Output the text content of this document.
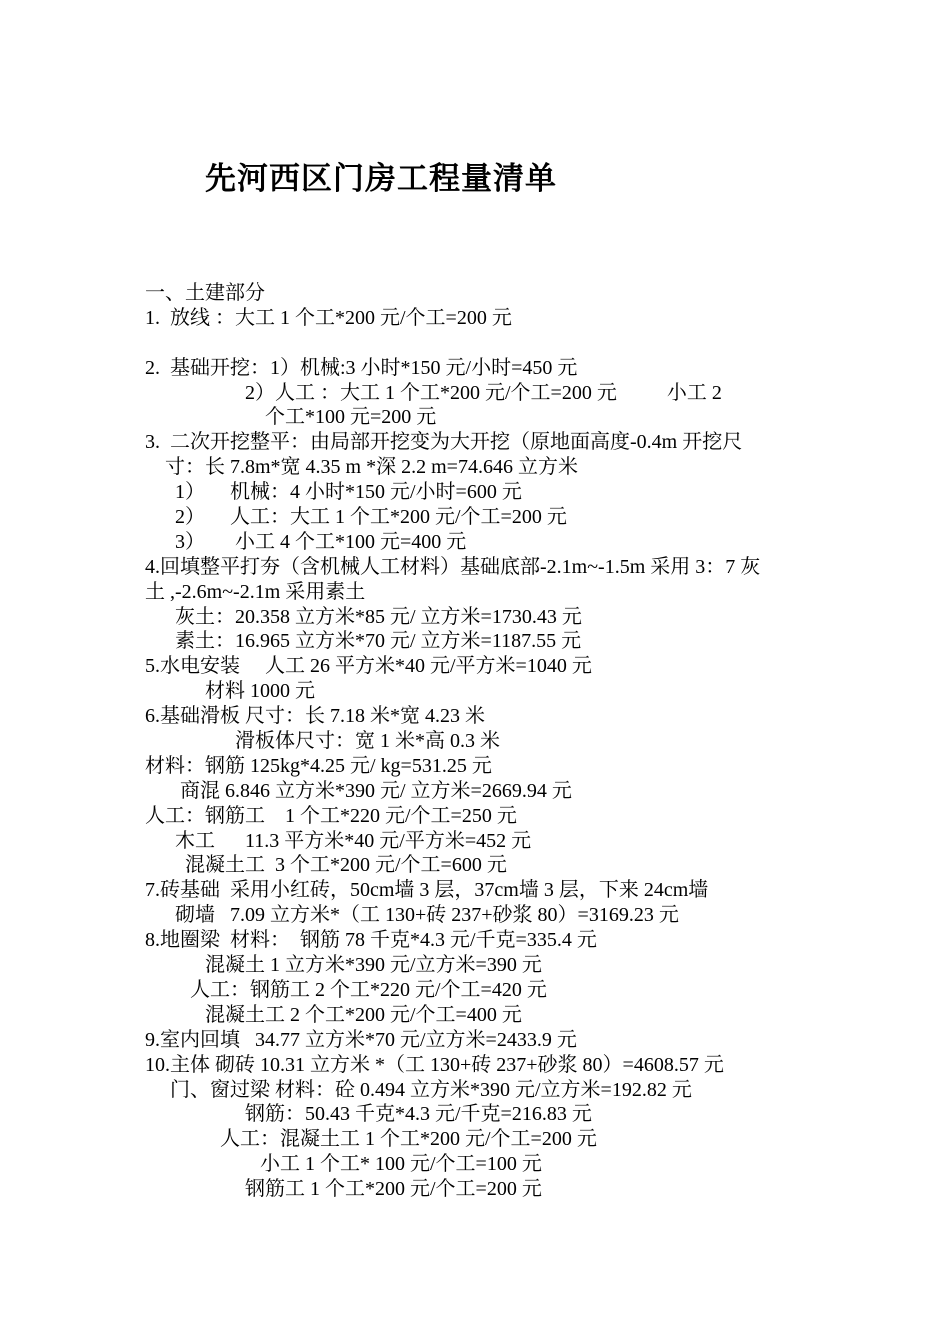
先河西区门房工程量清单
一、土建部分
1.  放线 ：大工 1 个工*200 元/个工=200 元
2.  基础开挖：1）机械:3 小时*150 元/小时=450 元
2）人工 ：大工 1 个工*200 元/个工=200 元          小工 2
个工*100 元=200 元
3.  二次开挖整平：由局部开挖变为大开挖（原地面高度-0.4m 开挖尺
寸：长 7.8m*宽 4.35 m *深 2.2 m=74.646 立方米
1）     机械：4 小时*150 元/小时=600 元
2）     人工：大工 1 个工*200 元/个工=200 元
3）      小工 4 个工*100 元=400 元
4.回填整平打夯（含机械人工材料）基础底部-2.1m~-1.5m 采用 3：7 灰
土 ,-2.6m~-2.1m 采用素土
灰土：20.358 立方米*85 元/ 立方米=1730.43 元
素土：16.965 立方米*70 元/ 立方米=1187.55 元
5.水电安装     人工 26 平方米*40 元/平方米=1040 元
材料 1000 元
6.基础滑板 尺寸：长 7.18 米*宽 4.23 米
滑板体尺寸：宽 1 米*高 0.3 米
材料：钢筋 125kg*4.25 元/ kg=531.25 元
商混 6.846 立方米*390 元/ 立方米=2669.94 元
人工：钢筋工    1 个工*220 元/个工=250 元
木工      11.3 平方米*40 元/平方米=452 元
混凝土工  3 个工*200 元/个工=600 元
7.砖基础  采用小红砖，50cm墙 3 层，37cm墙 3 层，下来 24cm墙
砌墙   7.09 立方米*（工 130+砖 237+砂浆 80）=3169.23 元
8.地圈梁  材料：  钢筋 78 千克*4.3 元/千克=335.4 元
混凝土 1 立方米*390 元/立方米=390 元
人工：钢筋工 2 个工*220 元/个工=420 元
混凝土工 2 个工*200 元/个工=400 元
9.室内回填   34.77 立方米*70 元/立方米=2433.9 元
10.主体 砌砖 10.31 立方米 *（工 130+砖 237+砂浆 80）=4608.57 元
门、窗过梁 材料：砼 0.494 立方米*390 元/立方米=192.82 元
钢筋：50.43 千克*4.3 元/千克=216.83 元
人工：混凝土工 1 个工*200 元/个工=200 元
小工 1 个工* 100 元/个工=100 元
钢筋工 1 个工*200 元/个工=200 元
